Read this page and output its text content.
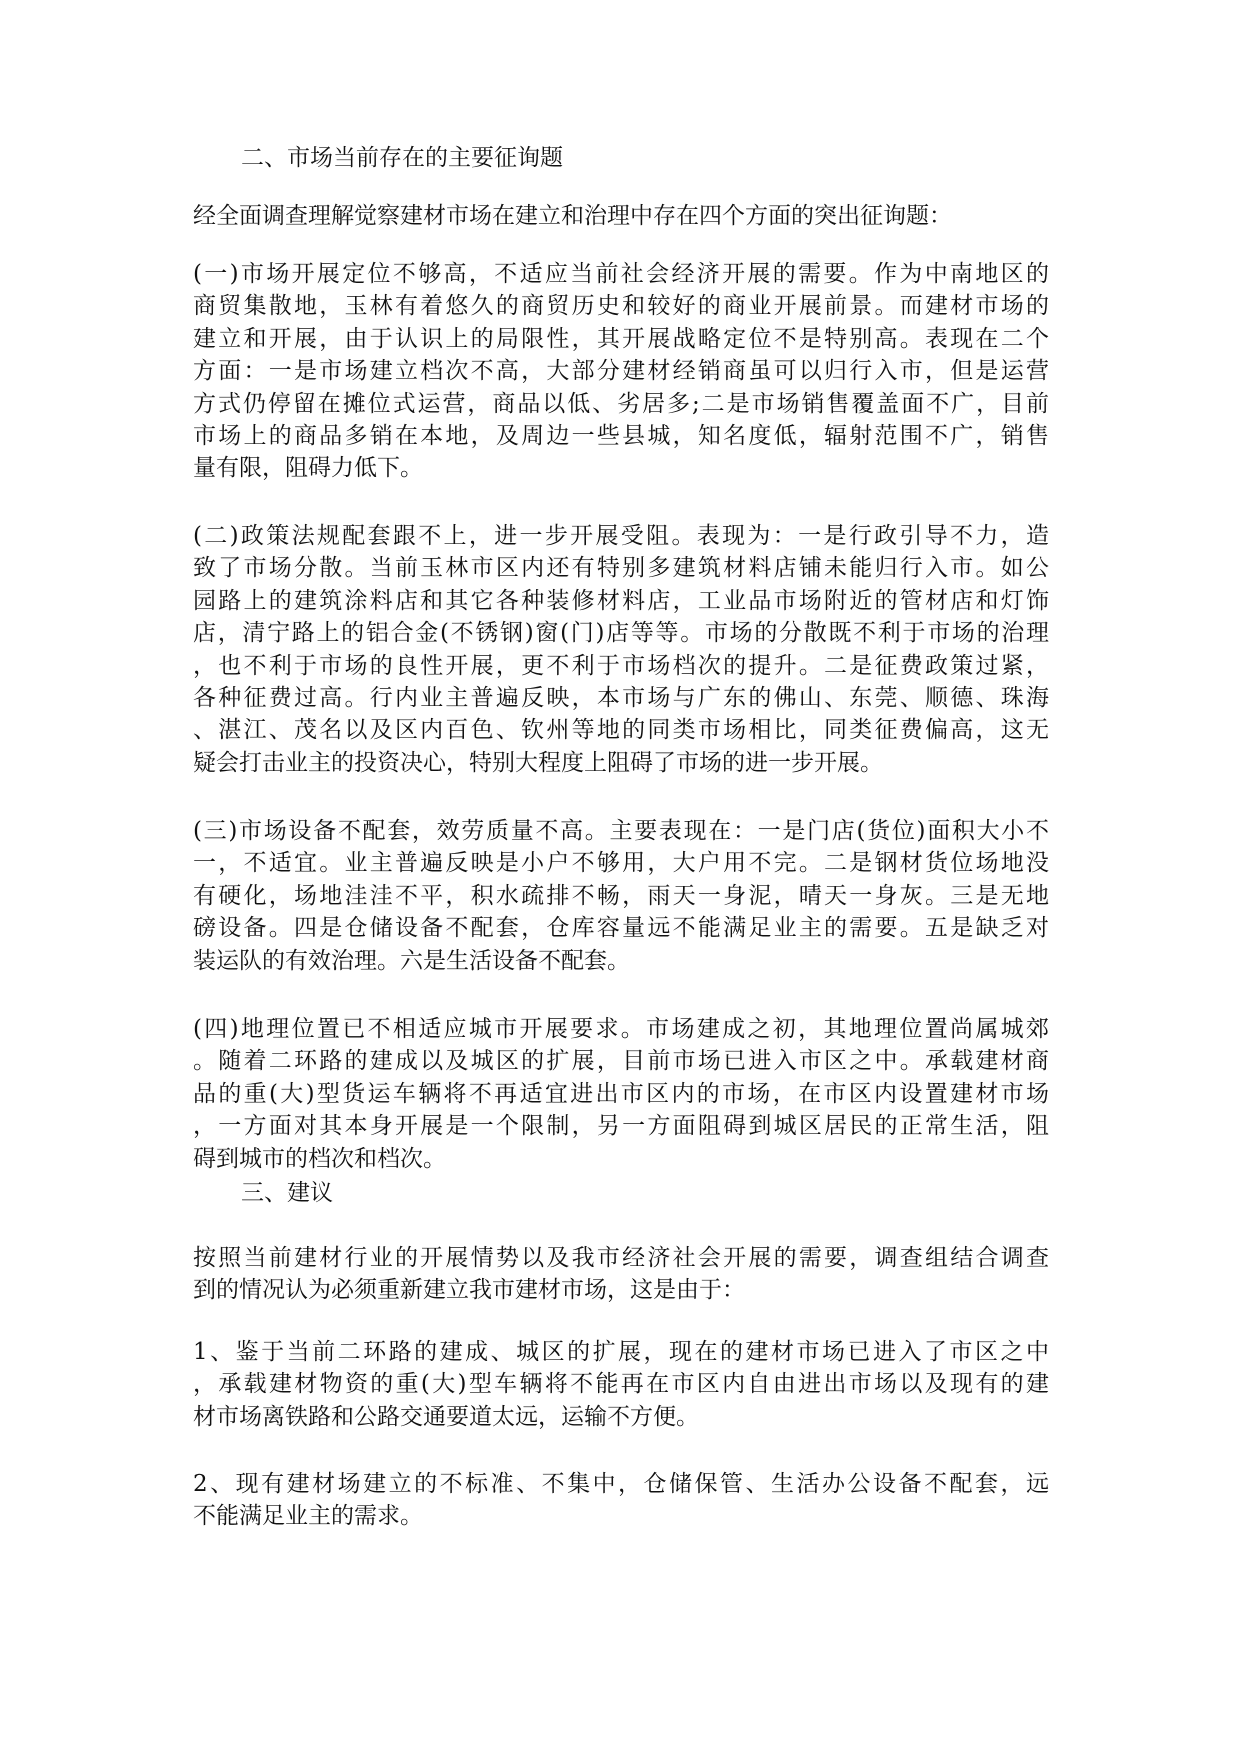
二、市场当前存在的主要征询题

经全面调查理解觉察建材市场在建立和治理中存在四个方面的突出征询题：

(一)市场开展定位不够高，不适应当前社会经济开展的需要。作为中南地区的
商贸集散地，玉林有着悠久的商贸历史和较好的商业开展前景。而建材市场的
建立和开展，由于认识上的局限性，其开展战略定位不是特别高。表现在二个
方面：一是市场建立档次不高，大部分建材经销商虽可以归行入市，但是运营
方式仍停留在摊位式运营，商品以低、劣居多;二是市场销售覆盖面不广，目前
市场上的商品多销在本地，及周边一些县城，知名度低，辐射范围不广，销售
量有限，阻碍力低下。
(二)政策法规配套跟不上，进一步开展受阻。表现为：一是行政引导不力，造
致了市场分散。当前玉林市区内还有特别多建筑材料店铺未能归行入市。如公
园路上的建筑涂料店和其它各种装修材料店，工业品市场附近的管材店和灯饰
店，清宁路上的铝合金(不锈钢)窗(门)店等等。市场的分散既不利于市场的治理
，也不利于市场的良性开展，更不利于市场档次的提升。二是征费政策过紧，
各种征费过高。行内业主普遍反映，本市场与广东的佛山、东莞、顺德、珠海
、湛江、茂名以及区内百色、钦州等地的同类市场相比，同类征费偏高，这无
疑会打击业主的投资决心，特别大程度上阻碍了市场的进一步开展。
(三)市场设备不配套，效劳质量不高。主要表现在：一是门店(货位)面积大小不
一，不适宜。业主普遍反映是小户不够用，大户用不完。二是钢材货位场地没
有硬化，场地洼洼不平，积水疏排不畅，雨天一身泥，晴天一身灰。三是无地
磅设备。四是仓储设备不配套，仓库容量远不能满足业主的需要。五是缺乏对
装运队的有效治理。六是生活设备不配套。
(四)地理位置已不相适应城市开展要求。市场建成之初，其地理位置尚属城郊
。随着二环路的建成以及城区的扩展，目前市场已进入市区之中。承载建材商
品的重(大)型货运车辆将不再适宜进出市区内的市场，在市区内设置建材市场
，一方面对其本身开展是一个限制，另一方面阻碍到城区居民的正常生活，阻
碍到城市的档次和档次。

三、建议

按照当前建材行业的开展情势以及我市经济社会开展的需要，调查组结合调查
到的情况认为必须重新建立我市建材市场，这是由于：
1、鉴于当前二环路的建成、城区的扩展，现在的建材市场已进入了市区之中
，承载建材物资的重(大)型车辆将不能再在市区内自由进出市场以及现有的建
材市场离铁路和公路交通要道太远，运输不方便。
2、现有建材场建立的不标准、不集中，仓储保管、生活办公设备不配套，远
不能满足业主的需求。
